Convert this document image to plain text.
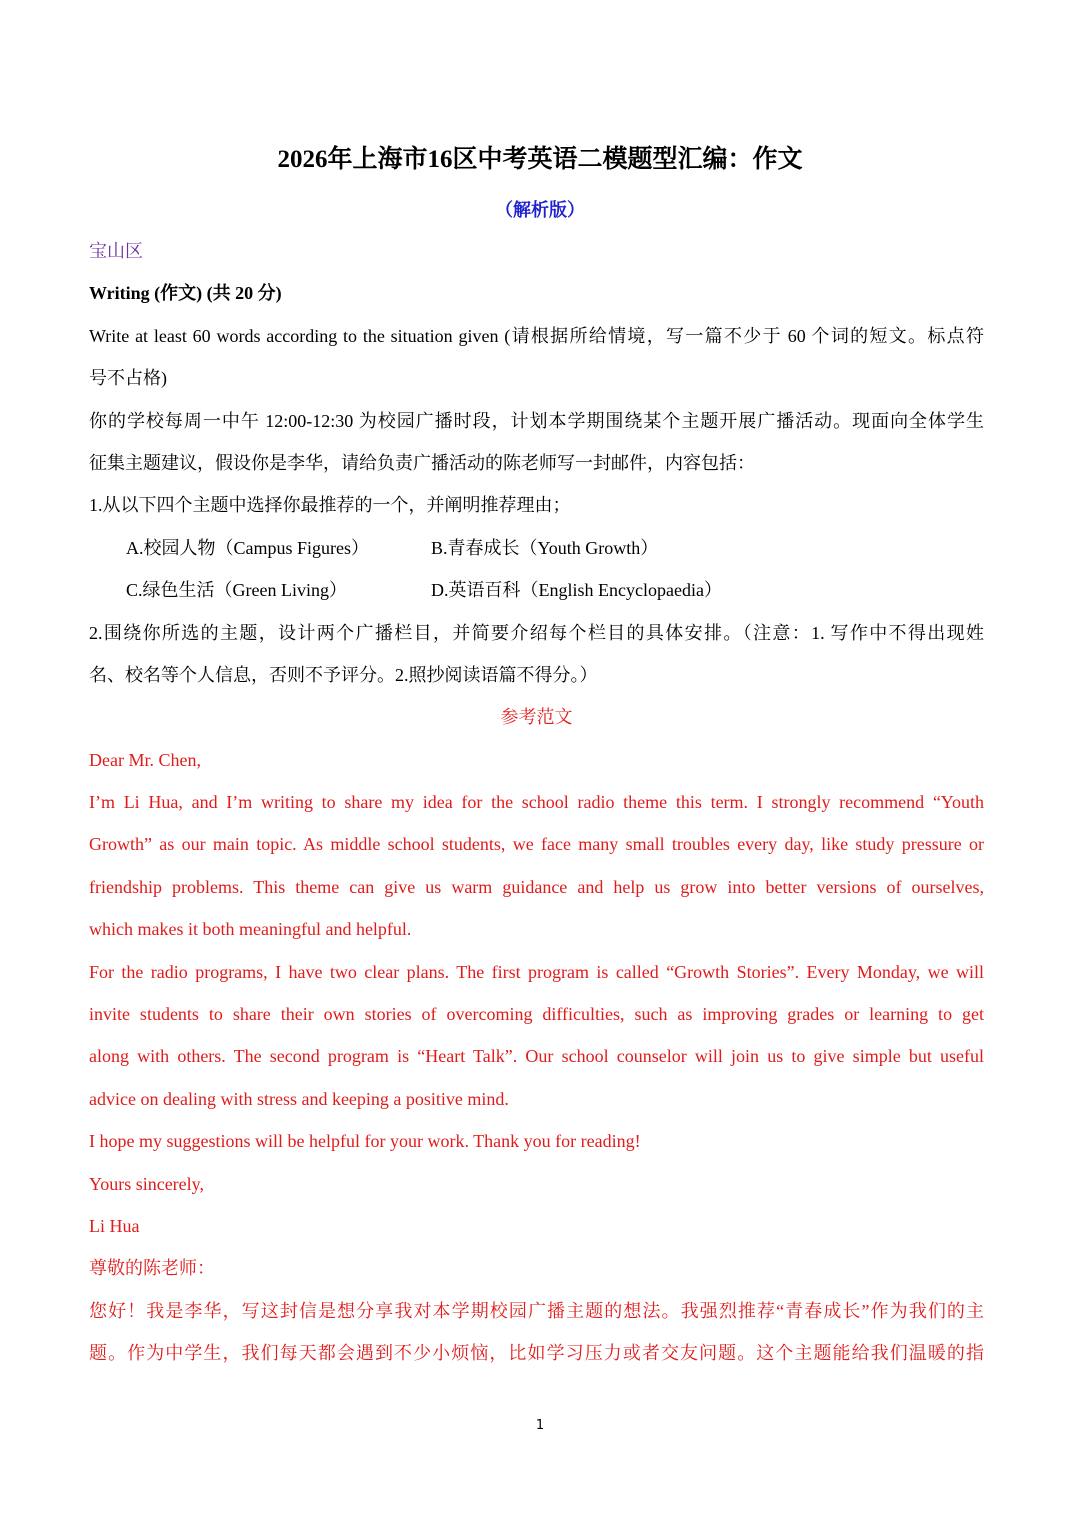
2026年上海市16区中考英语二模题型汇编：作文
（解析版）
宝山区
Writing (作文) (共 20 分)
Write at least 60 words according to the situation given (请根据所给情境，写一篇不少于 60 个词的短文。标点符
号不占格)
你的学校每周一中午 12:00-12:30 为校园广播时段，计划本学期围绕某个主题开展广播活动。现面向全体学生
征集主题建议，假设你是李华，请给负责广播活动的陈老师写一封邮件，内容包括：
1.从以下四个主题中选择你最推荐的一个，并阐明推荐理由；
A.校园人物（Campus Figures）	B.青春成长（Youth Growth）
C.绿色生活（Green Living）	D.英语百科（English Encyclopaedia）
2.围绕你所选的主题，设计两个广播栏目，并简要介绍每个栏目的具体安排。（注意：1. 写作中不得出现姓
名、校名等个人信息，否则不予评分。2.照抄阅读语篇不得分。）
参考范文
Dear Mr. Chen,
I’m Li Hua, and I’m writing to share my idea for the school radio theme this term. I strongly recommend “Youth
Growth” as our main topic. As middle school students, we face many small troubles every day, like study pressure or
friendship problems. This theme can give us warm guidance and help us grow into better versions of ourselves,
which makes it both meaningful and helpful.
For the radio programs, I have two clear plans. The first program is called “Growth Stories”. Every Monday, we will
invite students to share their own stories of overcoming difficulties, such as improving grades or learning to get
along with others. The second program is “Heart Talk”. Our school counselor will join us to give simple but useful
advice on dealing with stress and keeping a positive mind.
I hope my suggestions will be helpful for your work. Thank you for reading!
Yours sincerely,
Li Hua
尊敬的陈老师：
您好！我是李华，写这封信是想分享我对本学期校园广播主题的想法。我强烈推荐“青春成长”作为我们的主
题。作为中学生，我们每天都会遇到不少小烦恼，比如学习压力或者交友问题。这个主题能给我们温暖的指
1
